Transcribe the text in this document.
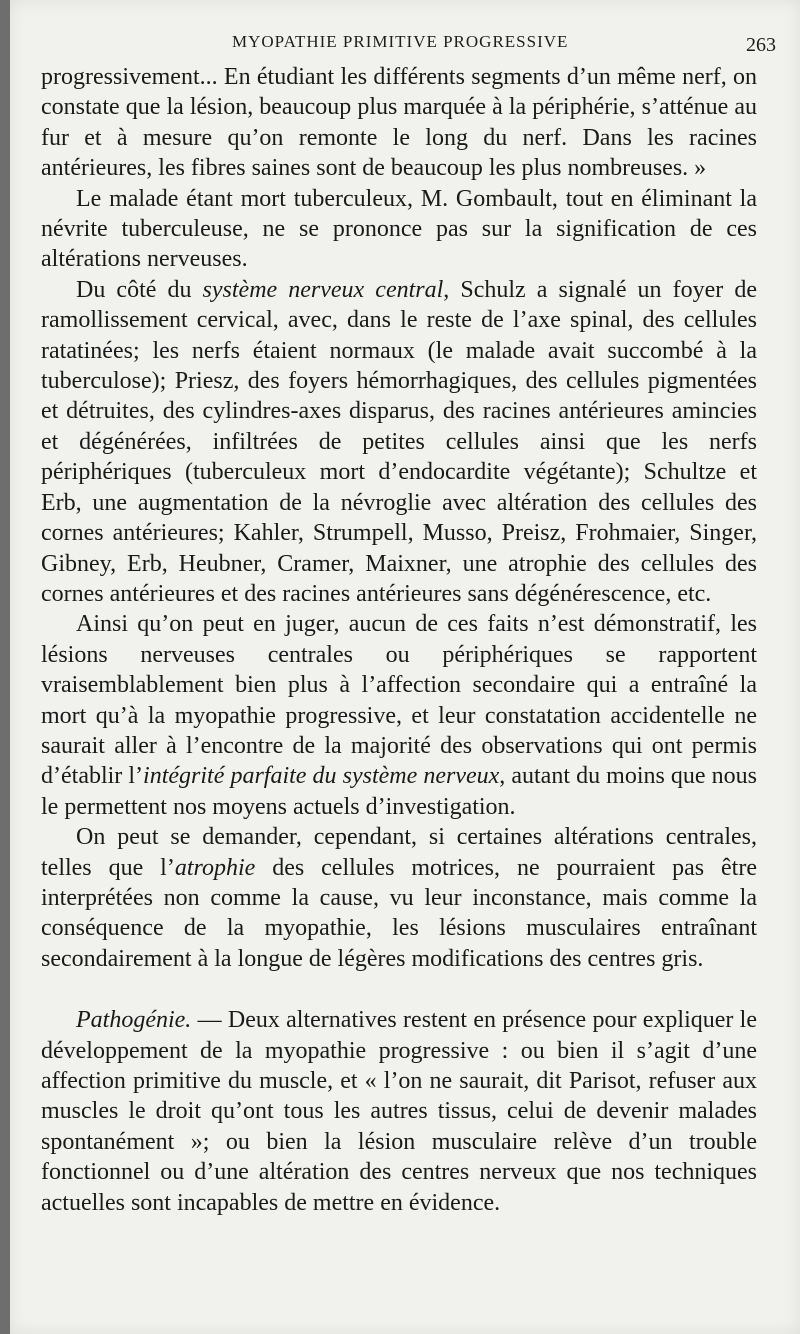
MYOPATHIE PRIMITIVE PROGRESSIVE	263

progressivement... En étudiant les différents segments d’un même nerf, on constate que la lésion, beaucoup plus marquée à la périphérie, s’atténue au fur et à mesure qu’on remonte le long du nerf. Dans les racines antérieures, les fibres saines sont de beaucoup les plus nombreuses. »

Le malade étant mort tuberculeux, M. Gombault, tout en éliminant la névrite tuberculeuse, ne se prononce pas sur la signification de ces altérations nerveuses.

Du côté du système nerveux central, Schulz a signalé un foyer de ramollissement cervical, avec, dans le reste de l’axe spinal, des cellules ratatinées; les nerfs étaient normaux (le malade avait succombé à la tuberculose); Priesz, des foyers hémorrhagiques, des cellules pigmentées et détruites, des cylindres-axes disparus, des racines antérieures amincies et dégénérées, infiltrées de petites cellules ainsi que les nerfs périphériques (tuberculeux mort d’endocardite végétante); Schultze et Erb, une augmentation de la névroglie avec altération des cellules des cornes antérieures; Kahler, Strumpell, Musso, Preisz, Frohmaier, Singer, Gibney, Erb, Heubner, Cramer, Maixner, une atrophie des cellules des cornes antérieures et des racines antérieures sans dégénérescence, etc.

Ainsi qu’on peut en juger, aucun de ces faits n’est démonstratif, les lésions nerveuses centrales ou périphériques se rapportent vraisemblablement bien plus à l’affection secondaire qui a entraîné la mort qu’à la myopathie progressive, et leur constatation accidentelle ne saurait aller à l’encontre de la majorité des observations qui ont permis d’établir l’intégrité parfaite du système nerveux, autant du moins que nous le permettent nos moyens actuels d’investigation.

On peut se demander, cependant, si certaines altérations centrales, telles que l’atrophie des cellules motrices, ne pourraient pas être interprétées non comme la cause, vu leur inconstance, mais comme la conséquence de la myopathie, les lésions musculaires entraînant secondairement à la longue de légères modifications des centres gris.

Pathogénie. — Deux alternatives restent en présence pour expliquer le développement de la myopathie progressive : ou bien il s’agit d’une affection primitive du muscle, et « l’on ne saurait, dit Parisot, refuser aux muscles le droit qu’ont tous les autres tissus, celui de devenir malades spontanément »; ou bien la lésion musculaire relève d’un trouble fonctionnel ou d’une altération des centres nerveux que nos techniques actuelles sont incapables de mettre en évidence.
